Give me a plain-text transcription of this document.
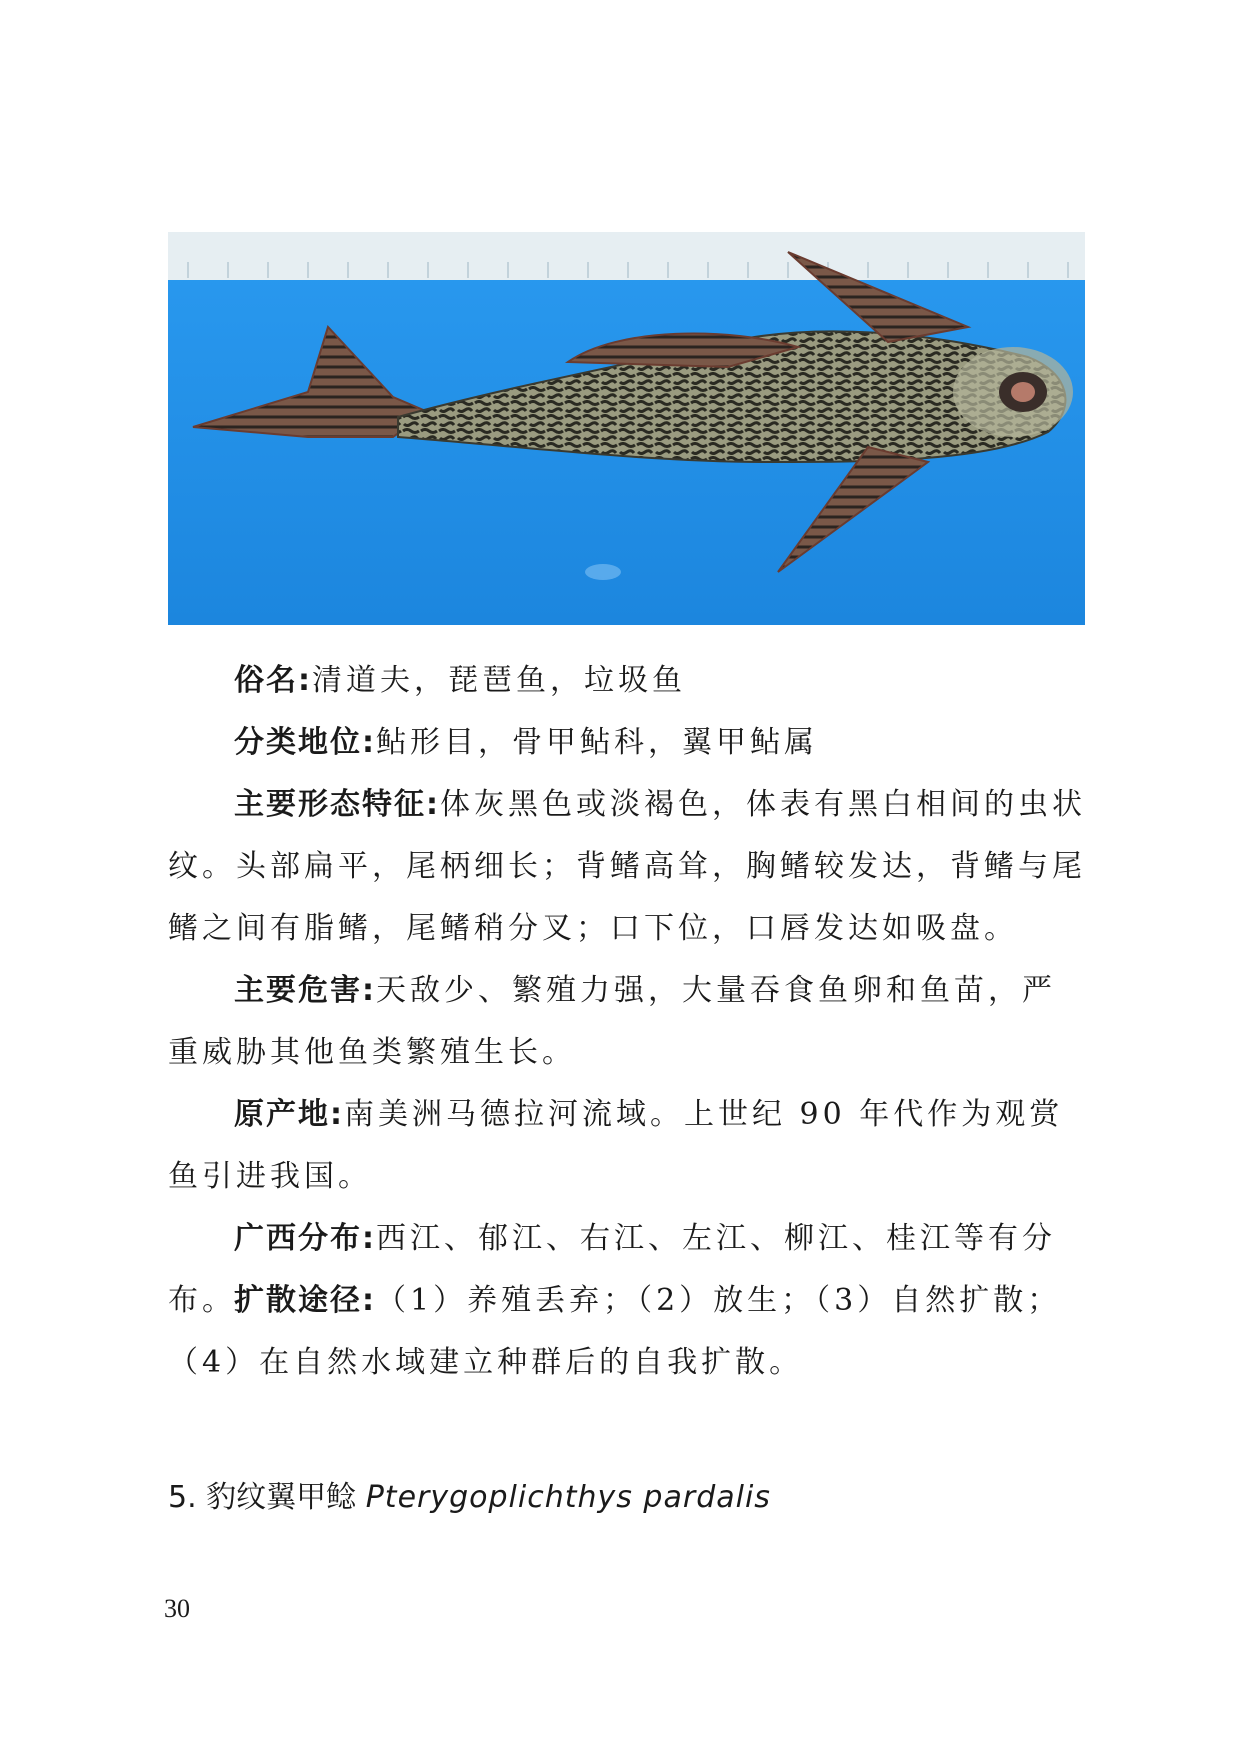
俗名:清道夫，琵琶鱼，垃圾鱼

分类地位:鲇形目，骨甲鲇科，翼甲鲇属

主要形态特征:体灰黑色或淡褐色，体表有黑白相间的虫状纹。头部扁平，尾柄细长；背鳍高耸，胸鳍较发达，背鳍与尾鳍之间有脂鳍，尾鳍稍分叉；口下位，口唇发达如吸盘。

主要危害:天敌少、繁殖力强，大量吞食鱼卵和鱼苗，严重威胁其他鱼类繁殖生长。

原产地:南美洲马德拉河流域。上世纪 90 年代作为观赏鱼引进我国。

广西分布:西江、郁江、右江、左江、柳江、桂江等有分布。

扩散途径:（1）养殖丢弃；（2）放生；（3）自然扩散；（4）在自然水域建立种群后的自我扩散。

5. 豹纹翼甲鲶 Pterygoplichthys pardalis
30
